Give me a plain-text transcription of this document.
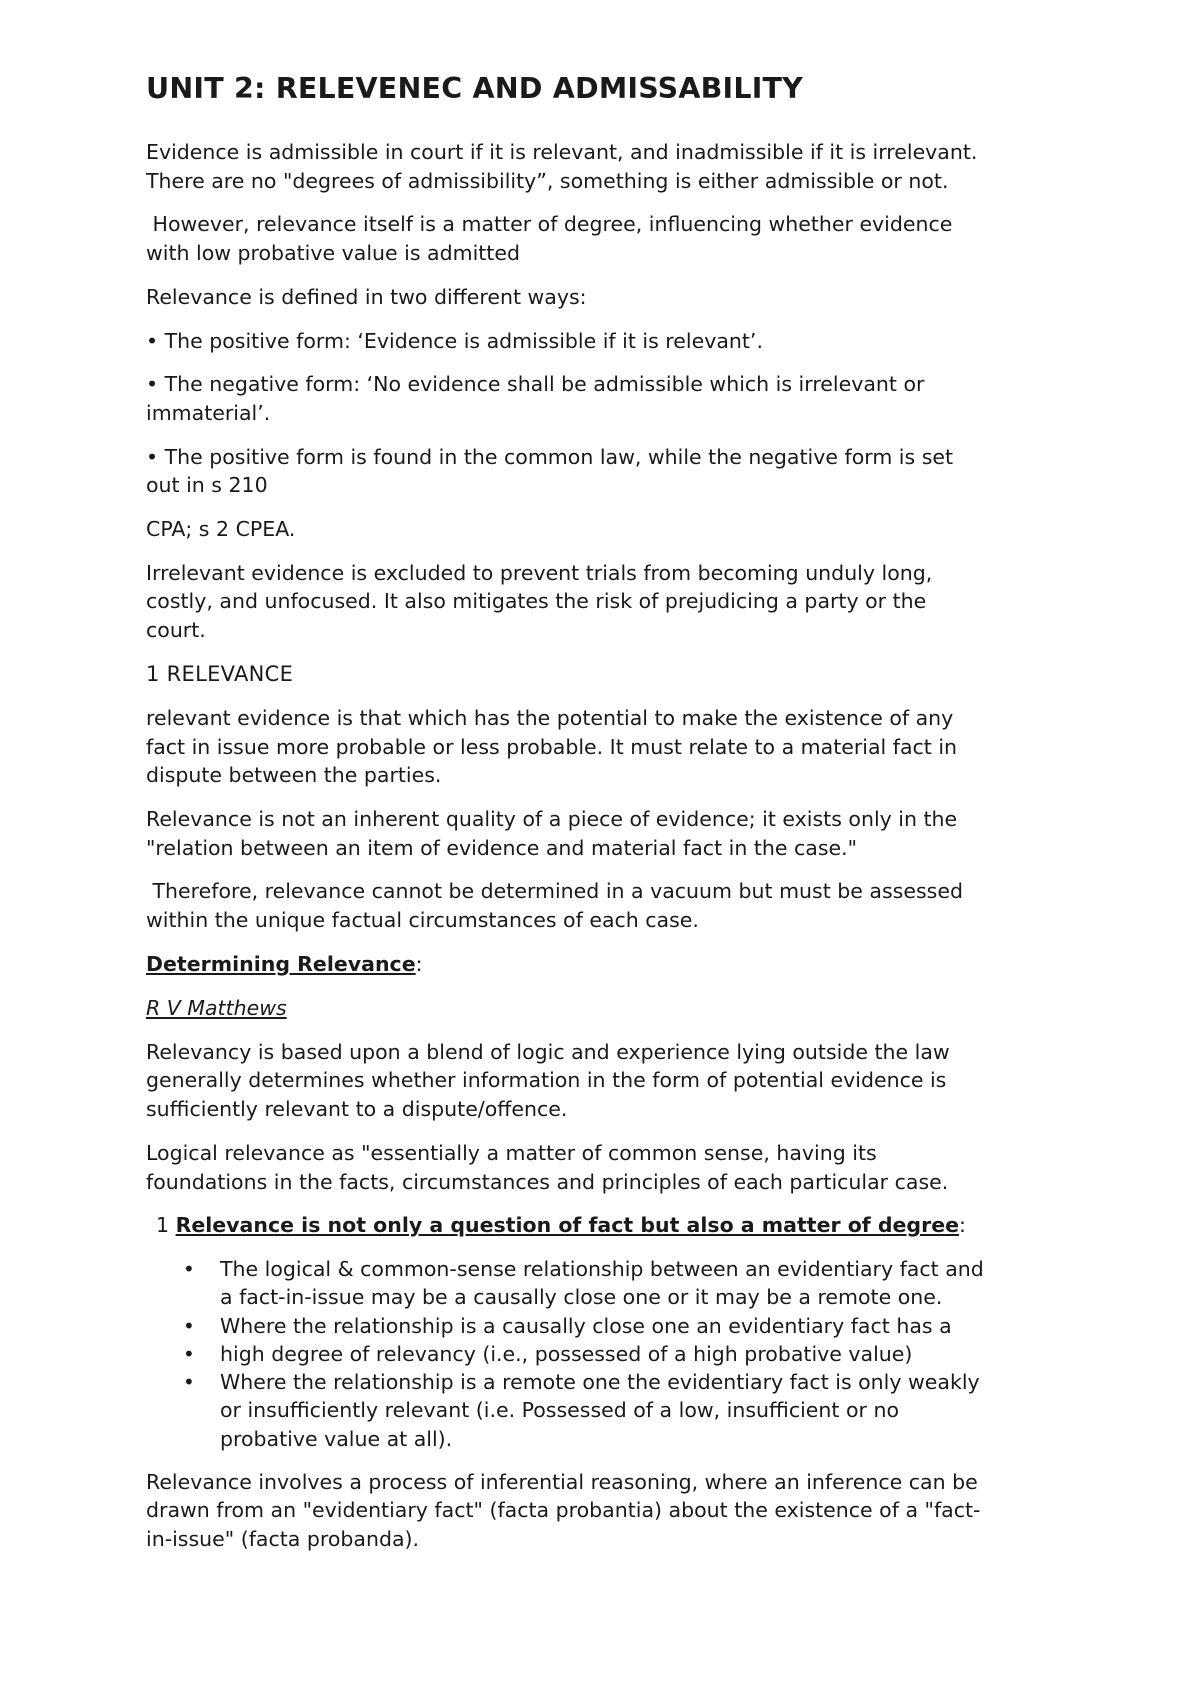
UNIT 2: RELEVENEC AND ADMISSABILITY

Evidence is admissible in court if it is relevant, and inadmissible if it is irrelevant.
There are no "degrees of admissibility”, something is either admissible or not.

However, relevance itself is a matter of degree, influencing whether evidence
with low probative value is admitted

Relevance is defined in two different ways:

• The positive form: ‘Evidence is admissible if it is relevant’.

• The negative form: ‘No evidence shall be admissible which is irrelevant or
immaterial’.

• The positive form is found in the common law, while the negative form is set
out in s 210

CPA; s 2 CPEA.

Irrelevant evidence is excluded to prevent trials from becoming unduly long,
costly, and unfocused. It also mitigates the risk of prejudicing a party or the
court.

1 RELEVANCE

relevant evidence is that which has the potential to make the existence of any
fact in issue more probable or less probable. It must relate to a material fact in
dispute between the parties.

Relevance is not an inherent quality of a piece of evidence; it exists only in the
"relation between an item of evidence and material fact in the case."

Therefore, relevance cannot be determined in a vacuum but must be assessed
within the unique factual circumstances of each case.

Determining Relevance:

R V Matthews

Relevancy is based upon a blend of logic and experience lying outside the law
generally determines whether information in the form of potential evidence is
sufficiently relevant to a dispute/offence.

Logical relevance as "essentially a matter of common sense, having its
foundations in the facts, circumstances and principles of each particular case.

1 Relevance is not only a question of fact but also a matter of degree:

• The logical & common-sense relationship between an evidentiary fact and
a fact-in-issue may be a causally close one or it may be a remote one.
• Where the relationship is a causally close one an evidentiary fact has a
• high degree of relevancy (i.e., possessed of a high probative value)
• Where the relationship is a remote one the evidentiary fact is only weakly
or insufficiently relevant (i.e. Possessed of a low, insufficient or no
probative value at all).

Relevance involves a process of inferential reasoning, where an inference can be
drawn from an "evidentiary fact" (facta probantia) about the existence of a "fact-
in-issue" (facta probanda).
